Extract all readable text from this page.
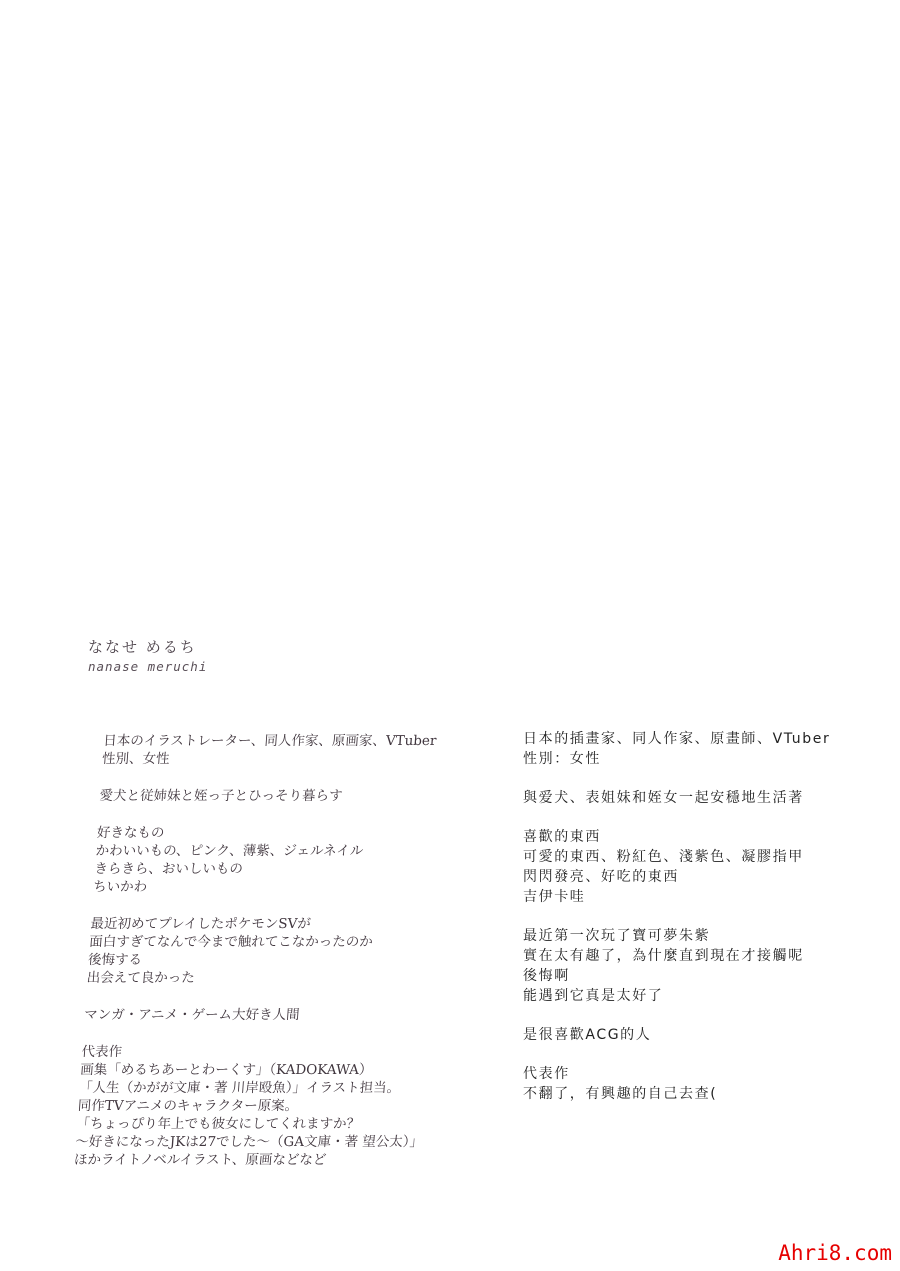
ななせ めるち
nanase meruchi
日本のイラストレーター、同人作家、原画家、VTuber
性別、女性
愛犬と従姉妹と姪っ子とひっそり暮らす
好きなもの
かわいいもの、ピンク、薄紫、ジェルネイル
きらきら、おいしいもの
ちいかわ
最近初めてプレイしたポケモンSVが
面白すぎてなんで今まで触れてこなかったのか
後悔する
出会えて良かった
マンガ・アニメ・ゲーム大好き人間
代表作
画集「めるちあーとわーくす」（KADOKAWA）
「人生（かがが文庫・著 川岸殴魚）」イラスト担当。
同作TVアニメのキャラクター原案。
「ちょっぴり年上でも彼女にしてくれますか？
～好きになったJKは27でした～（GA文庫・著 望公太）」
ほかライトノベルイラスト、原画などなど
日本的插畫家、同人作家、原畫師、VTuber
性別：女性
與爱犬、表姐妹和姪女一起安穩地生活著
喜歡的東西
可愛的東西、粉紅色、淺紫色、凝膠指甲
閃閃發亮、好吃的東西
吉伊卡哇
最近第一次玩了寶可夢朱紫
實在太有趣了，為什麼直到現在才接觸呢
後悔啊
能遇到它真是太好了
是很喜歡ACG的人
代表作
不翻了，有興趣的自己去查(
Ahri8.com
